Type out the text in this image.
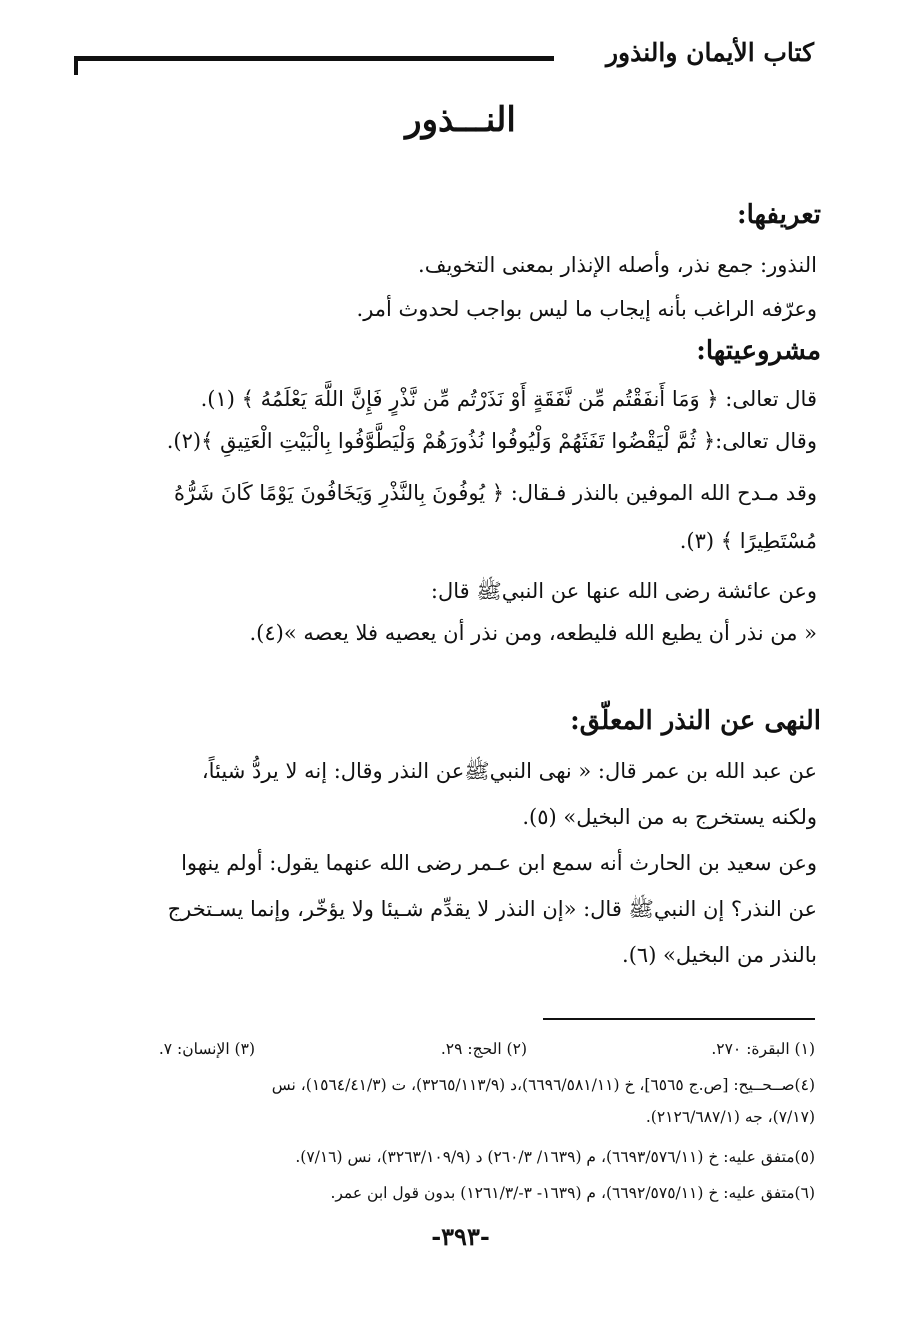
كتاب الأيمان والنذور
النـــذور
تعريفها:
النذور: جمع نذر، وأصله الإنذار بمعنى التخويف.
وعرّفه الراغب بأنه إيجاب ما ليس بواجب لحدوث أمر.
مشروعيتها:
قال تعالى: ﴿ وَمَا أَنفَقْتُم مِّن نَّفَقَةٍ أَوْ نَذَرْتُم مِّن نَّذْرٍ فَإِنَّ اللَّهَ يَعْلَمُهُ ﴾ (١).
وقال تعالى:﴿ ثُمَّ لْيَقْضُوا تَفَثَهُمْ وَلْيُوفُوا نُذُورَهُمْ وَلْيَطَّوَّفُوا بِالْبَيْتِ الْعَتِيقِ ﴾(٢).
وقد مـدح الله الموفين بالنذر فـقال: ﴿ يُوفُونَ بِالنَّذْرِ وَيَخَافُونَ يَوْمًا كَانَ شَرُّهُ
مُسْتَطِيرًا ﴾ (٣).
وعن عائشة رضى الله عنها عن النبيﷺ قال:
« من نذر أن يطيع الله فليطعه، ومن نذر أن يعصيه فلا يعصه »(٤).
النهى عن النذر المعلّق:
عن عبد الله بن عمر قال: « نهى النبيﷺعن النذر وقال: إنه لا يردُّ شيئاً،
ولكنه يستخرج به من البخيل» (٥).
وعن سعيد بن الحارث أنه سمع ابن عـمر رضى الله عنهما يقول: أولم ينهوا
عن النذر؟ إن النبيﷺ قال: «إن النذر لا يقدِّم شـيئا ولا يؤخّر، وإنما يسـتخرج
بالنذر من البخيل» (٦).
(١) البقرة: ٢٧٠.
(٢) الحج: ٢٩.
(٣) الإنسان: ٧.
(٤)صــحــيح: [ص.ج ٦٥٦٥]، خ (٦٦٩٦/٥٨١/١١)،د (٣٢٦٥/١١٣/٩)، ت (١٥٦٤/٤١/٣)، نس
(٧/١٧)، جه (٢١٢٦/٦٨٧/١).
(٥)متفق عليه: خ (٦٦٩٣/٥٧٦/١١)، م (١٦٣٩/ ٢٦٠/٣) د (٣٢٦٣/١٠٩/٩)، نس (٧/١٦).
(٦)متفق عليه: خ (٦٦٩٢/٥٧٥/١١)، م (١٦٣٩- ٣-/١٢٦١/٣) بدون قول ابن عمر.
-٣٩٣-
